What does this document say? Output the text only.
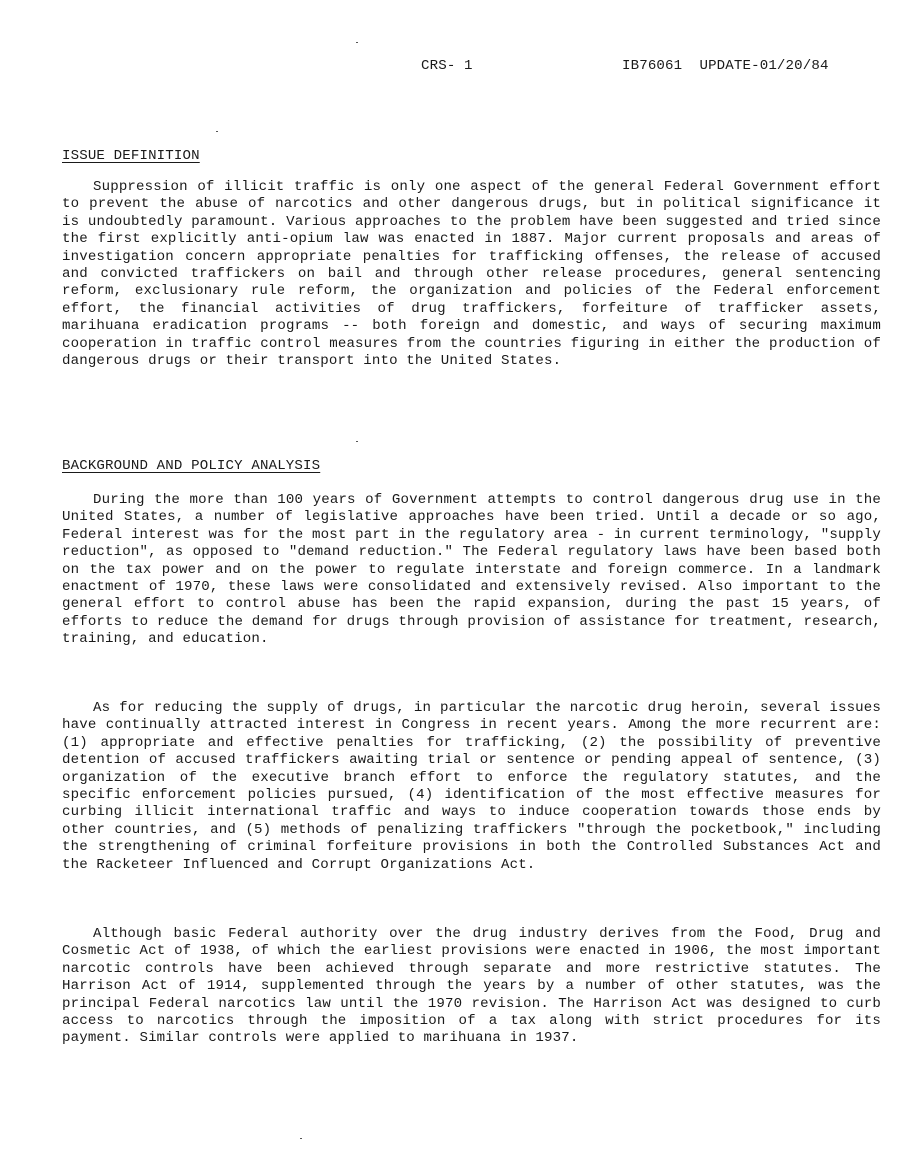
CRS- 1	IB76061  UPDATE-01/20/84
ISSUE DEFINITION

Suppression of illicit traffic is only one aspect of the general Federal Government effort to prevent the abuse of narcotics and other dangerous drugs, but in political significance it is undoubtedly paramount. Various approaches to the problem have been suggested and tried since the first explicitly anti-opium law was enacted in 1887. Major current proposals and areas of investigation concern appropriate penalties for trafficking offenses, the release of accused and convicted traffickers on bail and through other release procedures, general sentencing reform, exclusionary rule reform, the organization and policies of the Federal enforcement effort, the financial activities of drug traffickers, forfeiture of trafficker assets, marihuana eradication programs -- both foreign and domestic, and ways of securing maximum cooperation in traffic control measures from the countries figuring in either the production of dangerous drugs or their transport into the United States.

BACKGROUND AND POLICY ANALYSIS

During the more than 100 years of Government attempts to control dangerous drug use in the United States, a number of legislative approaches have been tried. Until a decade or so ago, Federal interest was for the most part in the regulatory area - in current terminology, "supply reduction", as opposed to "demand reduction." The Federal regulatory laws have been based both on the tax power and on the power to regulate interstate and foreign commerce. In a landmark enactment of 1970, these laws were consolidated and extensively revised. Also important to the general effort to control abuse has been the rapid expansion, during the past 15 years, of efforts to reduce the demand for drugs through provision of assistance for treatment, research, training, and education.

As for reducing the supply of drugs, in particular the narcotic drug heroin, several issues have continually attracted interest in Congress in recent years. Among the more recurrent are: (1) appropriate and effective penalties for trafficking, (2) the possibility of preventive detention of accused traffickers awaiting trial or sentence or pending appeal of sentence, (3) organization of the executive branch effort to enforce the regulatory statutes, and the specific enforcement policies pursued, (4) identification of the most effective measures for curbing illicit international traffic and ways to induce cooperation towards those ends by other countries, and (5) methods of penalizing traffickers "through the pocketbook," including the strengthening of criminal forfeiture provisions in both the Controlled Substances Act and the Racketeer Influenced and Corrupt Organizations Act.

Although basic Federal authority over the drug industry derives from the Food, Drug and Cosmetic Act of 1938, of which the earliest provisions were enacted in 1906, the most important narcotic controls have been achieved through separate and more restrictive statutes. The Harrison Act of 1914, supplemented through the years by a number of other statutes, was the principal Federal narcotics law until the 1970 revision. The Harrison Act was designed to curb access to narcotics through the imposition of a tax along with strict procedures for its payment. Similar controls were applied to marihuana in 1937.
